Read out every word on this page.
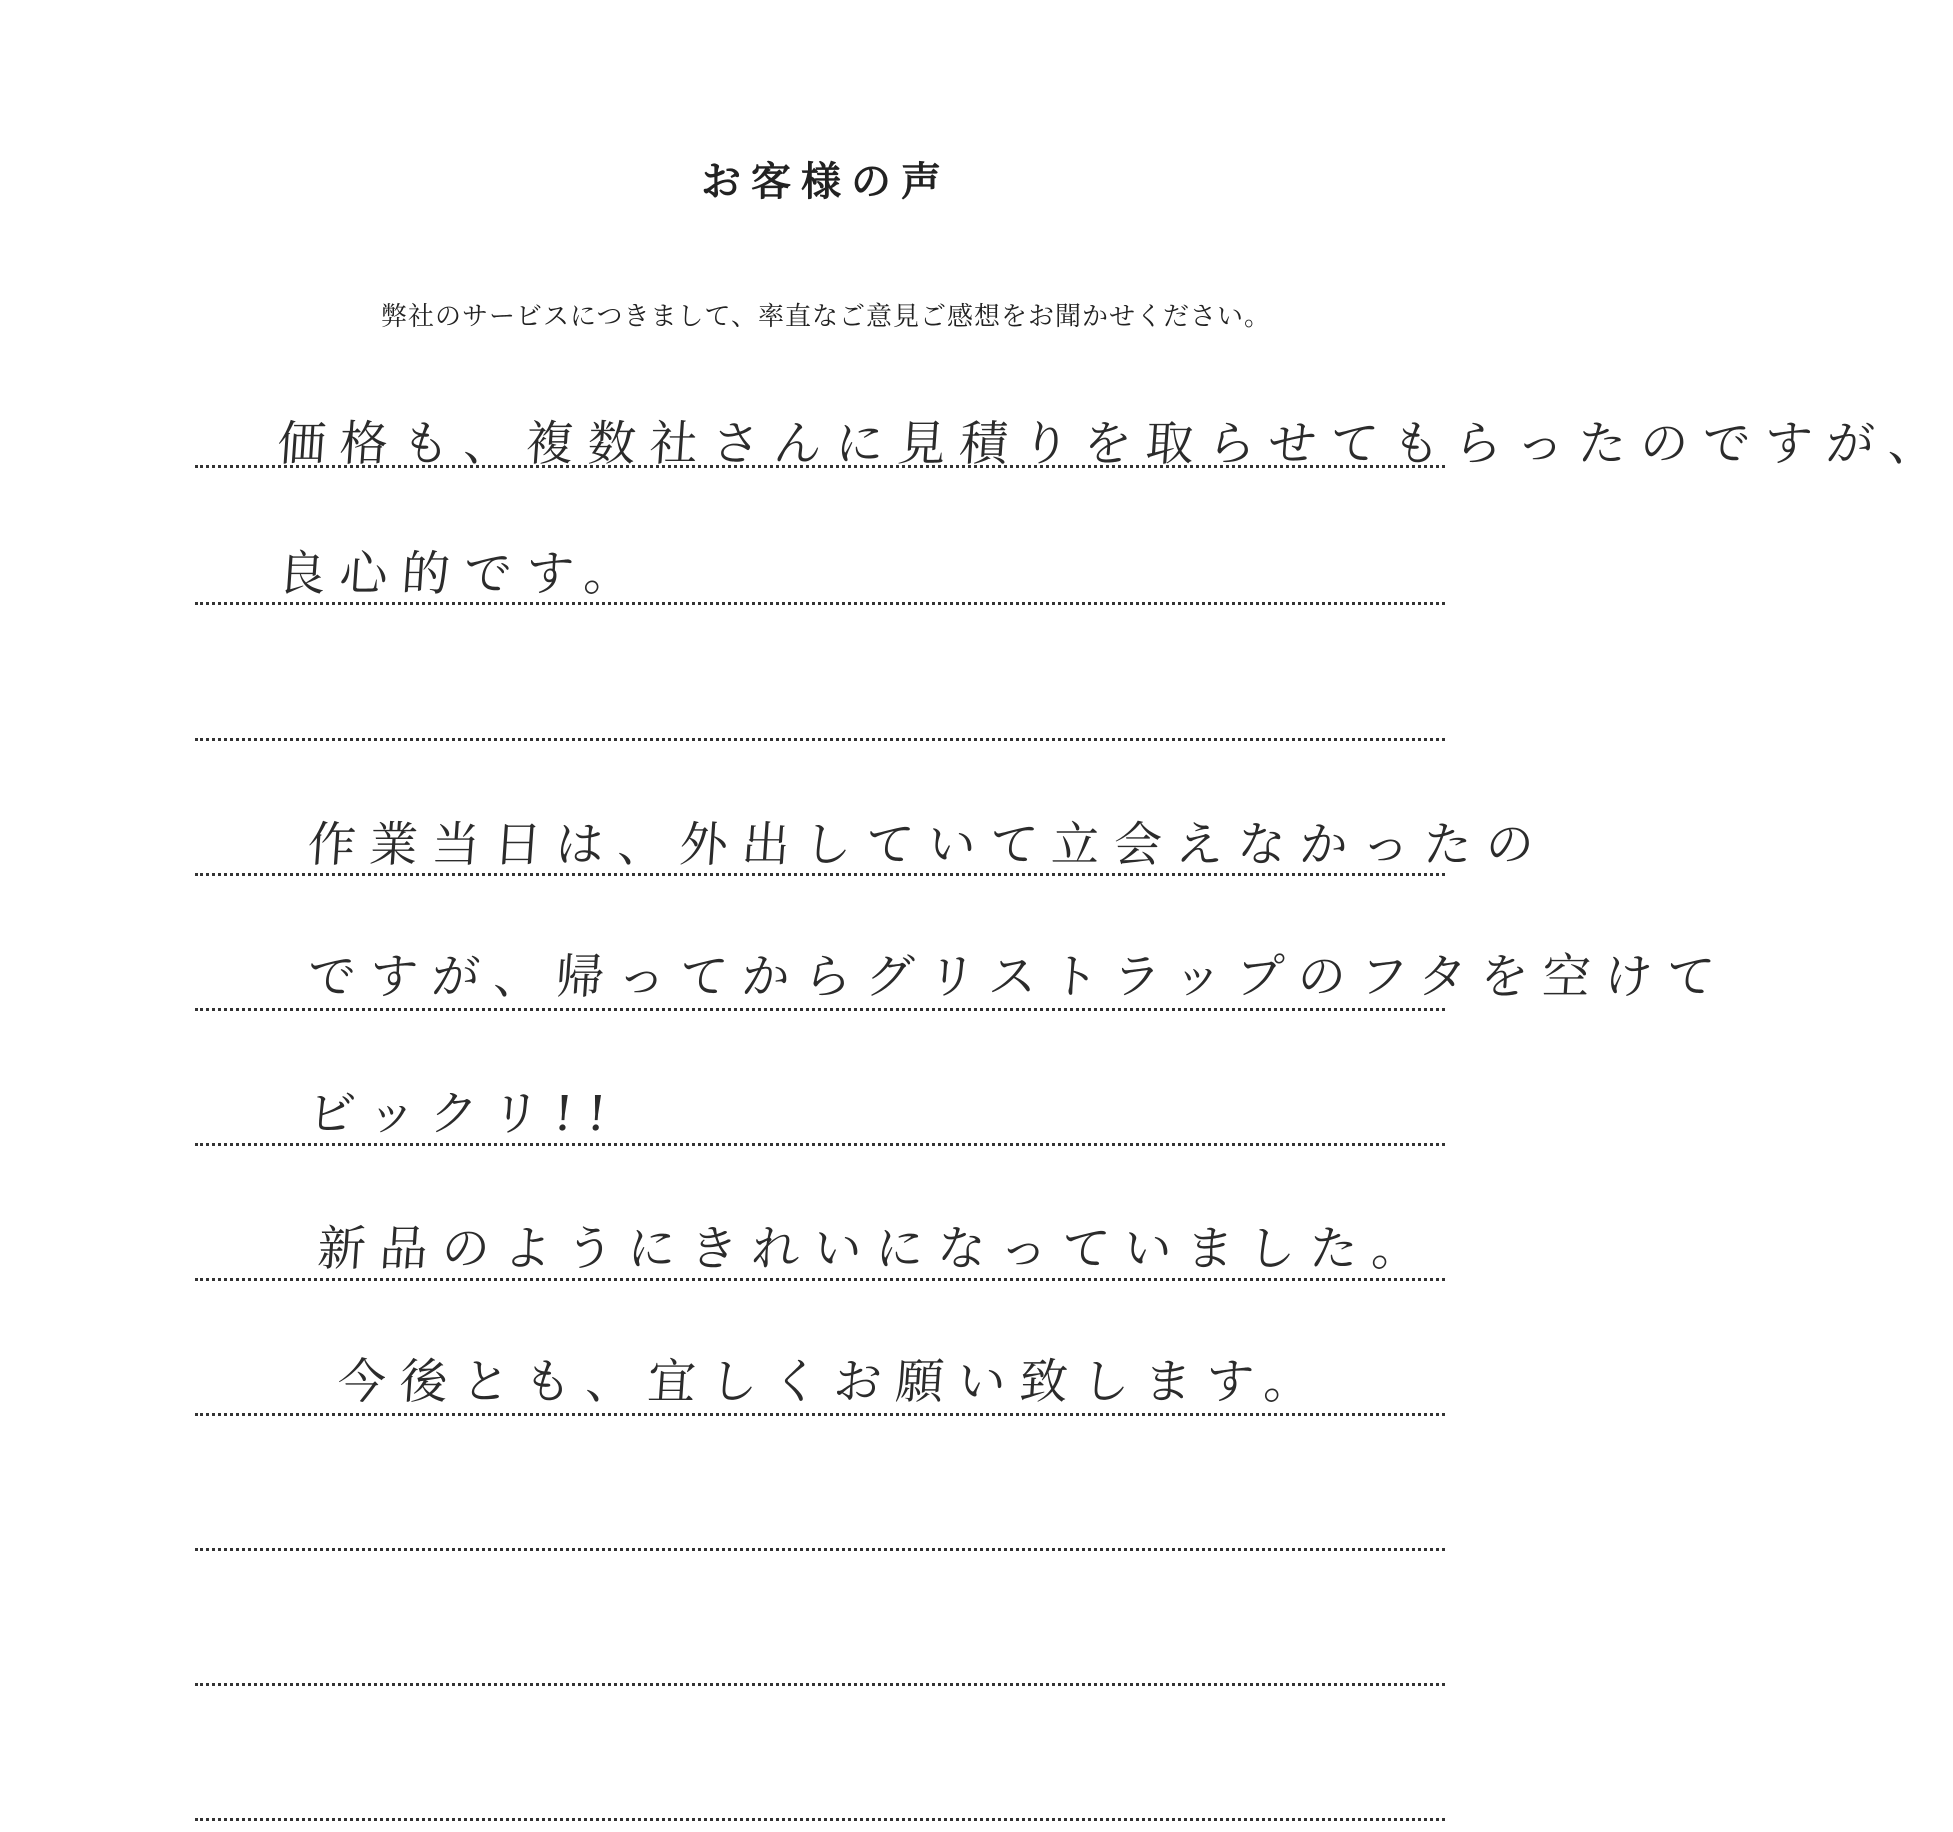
お客様の声
弊社のサービスにつきまして、率直なご意見ご感想をお聞かせください。
価格も、複数社さんに見積りを取らせてもらったのですが、
良心的です。
作業当日は、外出していて立会えなかったの
ですが、帰ってからグリストラップのフタを空けて
ビックリ!!
新品のようにきれいになっていました。
今後とも、宜しくお願い致します。
